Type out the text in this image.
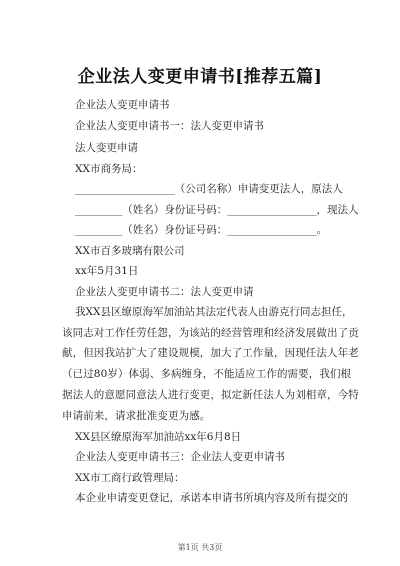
企业法人变更申请书[推荐五篇]
企业法人变更申请书
企业法人变更申请书一：法人变更申请书
法人变更申请
XX市商务局：
___________________（公司名称）申请变更法人，原法人
_________（姓名）身份证号码：_________________，现法人
_________（姓名）身份证号码：_________________。
XX市百多玻璃有限公司
xx年5月31日
企业法人变更申请书二：法人变更申请
我XX县区缭原海军加油站其法定代表人由游克行同志担任，
该同志对工作任劳任怨，为该站的经营管理和经济发展做出了贡
献，但因我站扩大了建设规模，加大了工作量，因现任法人年老
（已过80岁）体弱、多病缠身，不能适应工作的需要，我们根
据法人的意愿同意法人进行变更，拟定新任法人为刘相章，今特
申请前来，请求批准变更为感。
XX县区缭原海军加油站xx年6月8日
企业法人变更申请书三：企业法人变更申请书
XX市工商行政管理局：
本企业申请变更登记，承诺本申请书所填内容及所有提交的
第1页 共3页
